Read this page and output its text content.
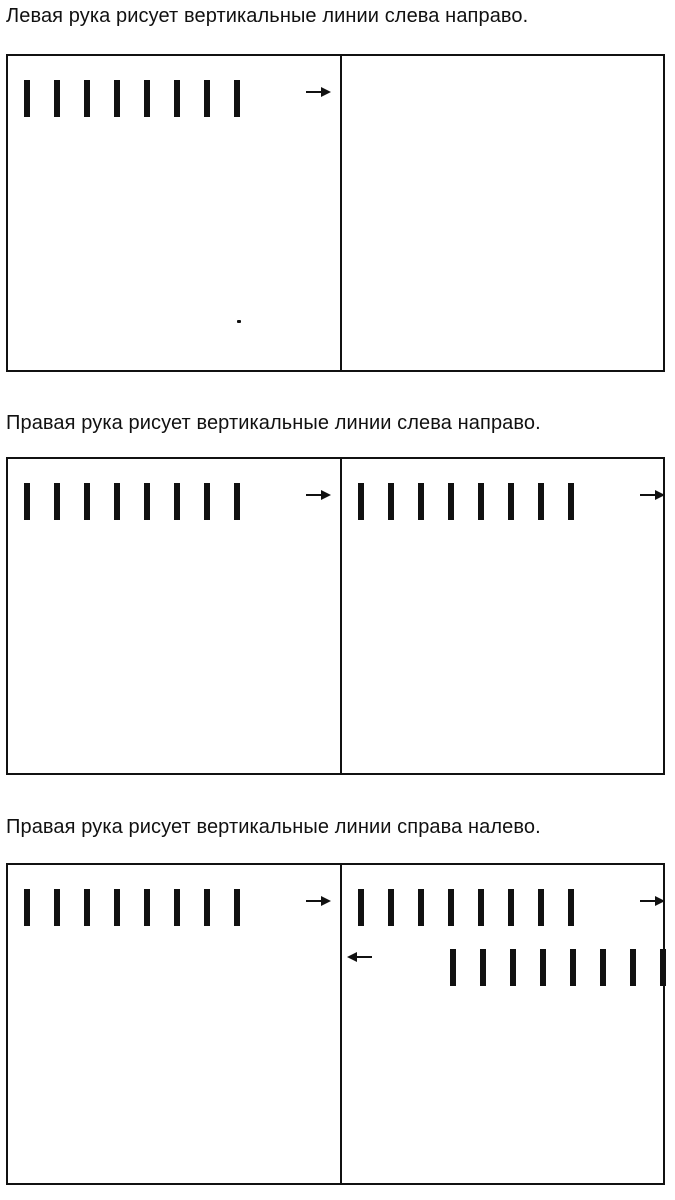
Левая рука рисует вертикальные линии слева направо.
Правая рука рисует вертикальные линии слева направо.
Правая рука рисует вертикальные линии справа налево.
